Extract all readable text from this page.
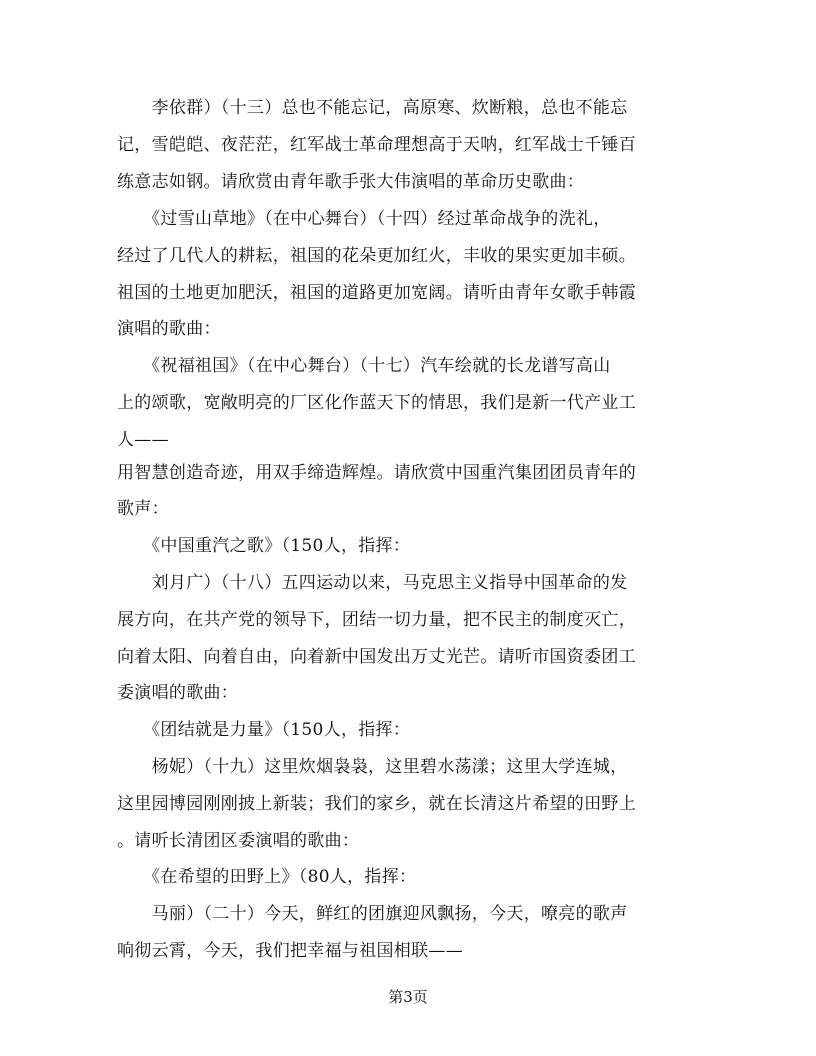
　　李依群）（十三）总也不能忘记，高原寒、炊断粮，总也不能忘
记，雪皑皑、夜茫茫，红军战士革命理想高于天呐，红军战士千锤百
练意志如钢。请欣赏由青年歌手张大伟演唱的革命历史歌曲：
　　《过雪山草地》（在中心舞台）（十四）经过革命战争的洗礼，
经过了几代人的耕耘，祖国的花朵更加红火，丰收的果实更加丰硕。
祖国的土地更加肥沃，祖国的道路更加宽阔。请听由青年女歌手韩霞
演唱的歌曲：
　　《祝福祖国》（在中心舞台）（十七）汽车绘就的长龙谱写高山
上的颂歌，宽敞明亮的厂区化作蓝天下的情思，我们是新一代产业工
人——
用智慧创造奇迹，用双手缔造辉煌。请欣赏中国重汽集团团员青年的
歌声：
　　《中国重汽之歌》（150人，指挥：
　　刘月广）（十八）五四运动以来，马克思主义指导中国革命的发
展方向，在共产党的领导下，团结一切力量，把不民主的制度灭亡，
向着太阳、向着自由，向着新中国发出万丈光芒。请听市国资委团工
委演唱的歌曲：
　　《团结就是力量》（150人，指挥：
　　杨妮）（十九）这里炊烟袅袅，这里碧水荡漾；这里大学连城，
这里园博园刚刚披上新装；我们的家乡，就在长清这片希望的田野上
。请听长清团区委演唱的歌曲：
　　《在希望的田野上》（80人，指挥：
　　马丽）（二十）今天，鲜红的团旗迎风飘扬，今天，嘹亮的歌声
响彻云霄，今天，我们把幸福与祖国相联——
第3页
